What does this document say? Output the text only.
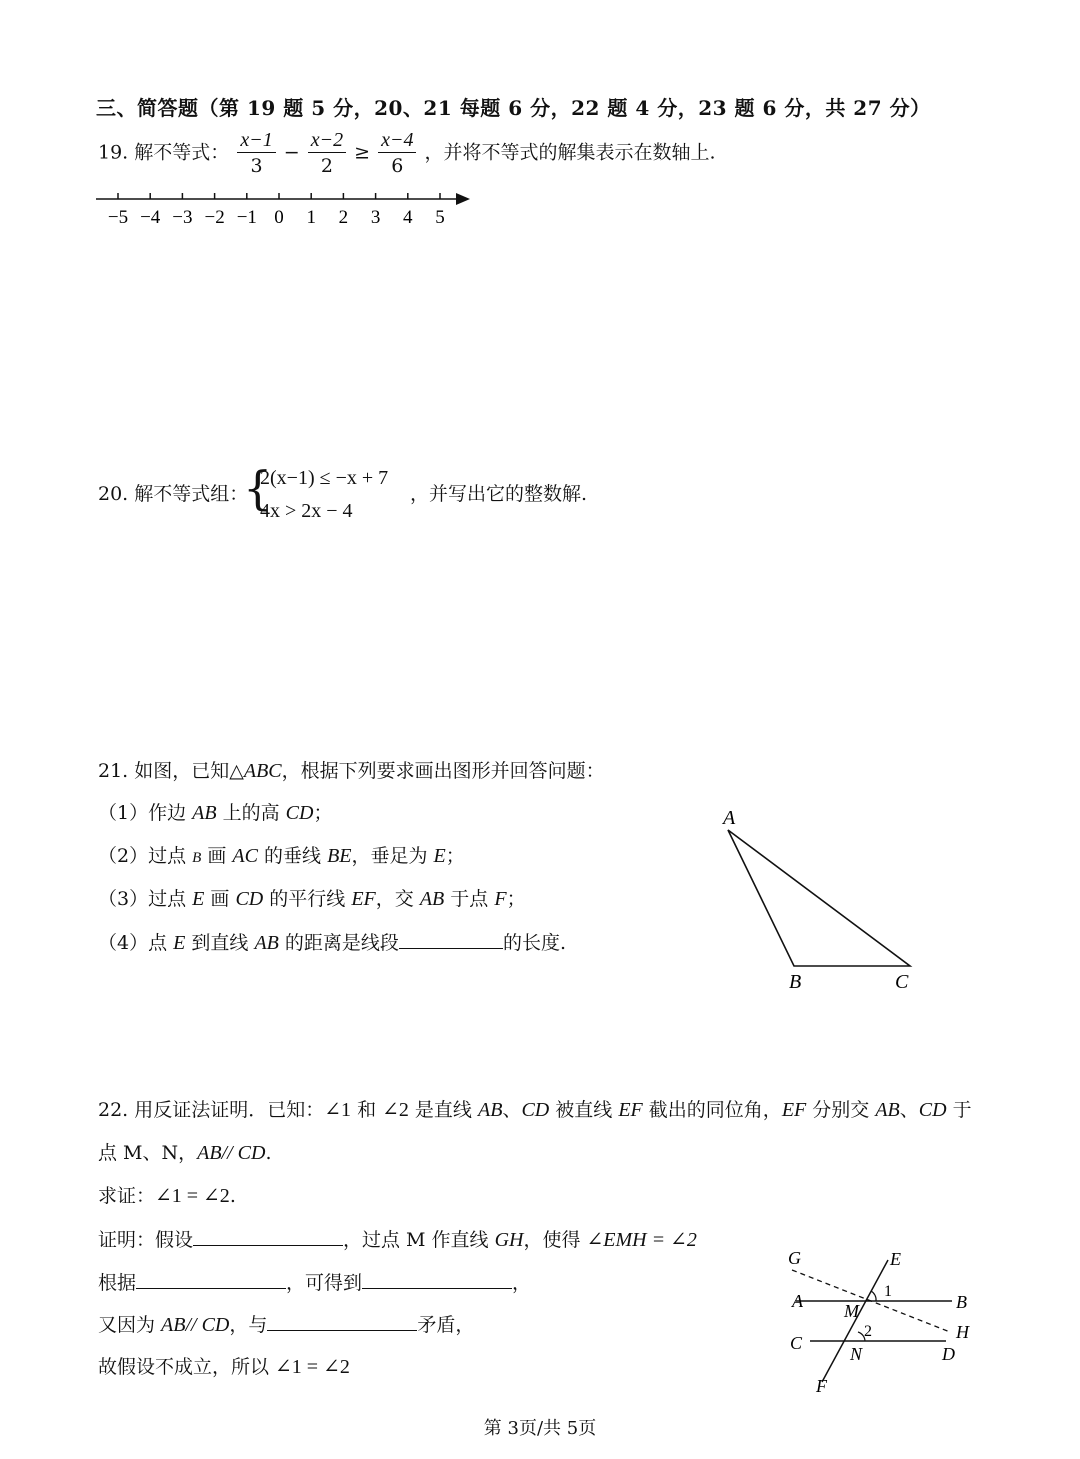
三、简答题（第 19 题 5 分，20、21 每题 6 分，22 题 4 分，23 题 6 分，共 27 分）
19. 解不等式： $\frac{x-1}{3} - \frac{x-2}{2} \ge \frac{x-4}{6}$ ，并将不等式的解集表示在数轴上.
−5 −4 −3 −2 −1 0 1 2 3 4 5
20. 解不等式组：
{
2(x−1) ≤ −x + 7
4x > 2x − 4
，并写出它的整数解.
21. 如图，已知△ABC，根据下列要求画出图形并回答问题：
（1）作边 AB 上的高 CD；
（2）过点 B 画 AC 的垂线 BE，垂足为 E；
（3）过点 E 画 CD 的平行线 EF，交 AB 于点 F；
（4）点 E 到直线 AB 的距离是线段	的长度.
A
B	C
22. 用反证法证明．已知：∠1 和 ∠2 是直线 AB、CD 被直线 EF 截出的同位角，EF 分别交 AB、CD 于
点 M、N，AB// CD.
求证：∠1 = ∠2.
证明：假设	，过点 M 作直线 GH，使得 ∠EMH = ∠2
根据	，可得到	，
又因为 AB// CD，与	矛盾，
故假设不成立，所以 ∠1 = ∠2
G	E
1
A M	B
H
C
2
N	D
F
第 3页/共 5页
